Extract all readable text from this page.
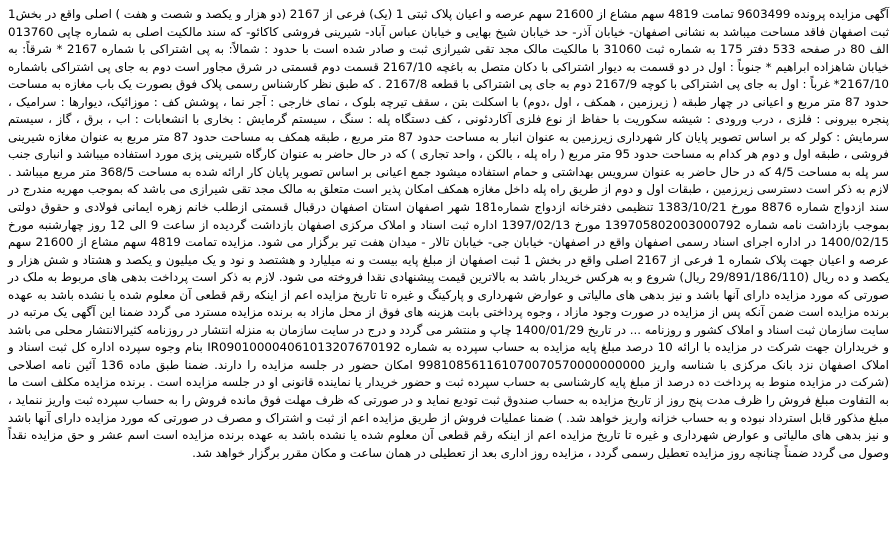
آگهی مزایده پرونده 9603499 تمامت 4819 سهم مشاع از 21600 سهم عرصه و اعیان پلاک ثبتی 1 (یک) فرعی از 2167 (دو هزار و یکصد و شصت و هفت ) اصلی واقع در بخش1 ثبت اصفهان فاقد مساحت میباشد به نشانی اصفهان- خیابان آذر- حد خیابان شیخ بهایی و خیابان عباس آباد- شیرینی فروشی کاکائو- که سند مالکیت اصلی به شماره چاپی 013760 الف 80 در صفحه 533 دفتر 175 به شماره ثبت 31060 با مالکیت مالک مجد تقی شیرازی ثبت و صادر شده است با حدود : شمالاً: به پی اشتراکی با شماره 2167 * شرقاً: به خیابان شاهزاده ابراهیم * جنوباً : اول در دو قسمت به دیوار اشتراکی با دکان متصل به باغچه 2167/10 قسمت دوم قسمتی در شرق مجاور است دوم به جای پی اشتراکی باشماره 2167/10* غرباً : اول به جای پی اشتراکی با کوچه 2167/9 دوم به جای پی اشتراکی با قطعه 2167/8 . که طبق نظر کارشناس رسمی پلاک فوق بصورت یک باب مغازه به مساحت حدود 87 متر مربع و اعیانی در چهار طبقه ( زیرزمین ، همکف ، اول ،دوم) با اسکلت بتن ، سقف تیرچه بلوک ، نمای خارجی : آجر نما ، پوشش کف : موزائیک، دیوارها : سرامیک ، پنجره بیرونی : فلزی ، درب ورودی : شیشه سکوریت با حفاظ از نوع فلزی آکاردئونی ، کف دستگاه پله : سنگ ، سیستم گرمایش : بخاری با انشعابات : اب ، برق ، گاز ، سیستم سرمایش : کولر که بر اساس تصویر پایان کار شهرداری زیرزمین به عنوان انبار به مساحت حدود 87 متر مربع ، طبقه همکف به مساحت حدود 87 متر مربع به عنوان مغازه شیرینی فروشی ، طبقه اول و دوم هر کدام به مساحت حدود 95 متر مربع ( راه پله ، بالکن ، واحد تجاری ) که در حال حاضر به عنوان کارگاه شیرینی پزی مورد استفاده میباشد و انباری جنب سر پله به مساحت 4/5 که در حال حاضر به عنوان سرویس بهداشتی و حمام استفاده میشود جمع اعیانی بر اساس تصویر پایان کار ارائه شده به مساحت 368/5 متر مربع میباشد . لازم به ذکر است دسترسی زیرزمین ، طبقات اول و دوم از طریق راه پله داخل مغازه همکف امکان پذیر است متعلق به مالک مجد تقی شیرازی می باشد که بموجب مهریه مندرج در سند ازدواج شماره 8876 مورخ 1383/10/21 تنظیمی دفترخانه ازدواج شماره181 شهر اصفهان استان اصفهان درقبال قسمتی ازطلب خانم زهره ایمانی فولادی و حقوق دولتی بموجب بازداشت نامه شماره 139705802003000792 مورخ 1397/02/13 اداره ثبت اسناد و املاک مرکزی اصفهان بازداشت گردیده از ساعت 9 الی 12 روز چهارشنبه مورخ 1400/02/15 در اداره اجرای اسناد رسمی اصفهان واقع در اصفهان- خیابان جی- خیابان تالار - میدان هفت تیر برگزار می شود. مزایده تمامت 4819 سهم مشاع از 21600 سهم عرصه و اعیان جهت پلاک شماره 1 فرعی از 2167 اصلی واقع در بخش 1 ثبت اصفهان از مبلغ پایه بیست و نه میلیارد و هشتصد و نود و یک میلیون و یکصد و هشتاد و شش هزار و یکصد و ده ریال (29/891/186/110 ریال) شروع و به هرکس خریدار باشد به بالاترین قیمت پیشنهادی نقدا فروخته می شود. لازم به ذکر است پرداخت بدهی های مربوط به ملک در صورتی که مورد مزایده دارای آنها باشد و نیز بدهی های مالیاتی و عوارض شهرداری و پارکینگ و غیره تا تاریخ مزایده اعم از اینکه رقم قطعی آن معلوم شده یا نشده باشد به عهده برنده مزایده است ضمن آنکه پس از مزایده در صورت وجود مازاد ، وجوه پرداختی بابت هزینه های فوق از محل مازاد به برنده مزایده مسترد می گردد ضمنا این آگهی یک مرتبه در سایت سازمان ثبت اسناد و املاک کشور و روزنامه ... در تاریخ 1400/01/29 چاپ و منتشر می گردد و درج در سایت سازمان به منزله انتشار در روزنامه کثیرالانتشار محلی می باشد و خریداران جهت شرکت در مزایده با ارائه 10 درصد مبلغ پایه مزایده به حساب سپرده به شماره IR090100004061013207670192 بنام وجوه سپرده اداره کل ثبت اسناد و املاک اصفهان نزد بانک مرکزی با شناسه واریز 998108561161070070570000000000 امکان حضور در جلسه مزایده را دارند. ضمنا طبق ماده 136 آئین نامه اصلاحی (شرکت در مزایده منوط به پرداخت ده درصد از مبلغ پایه کارشناسی به حساب سپرده ثبت و حضور خریدار یا نماینده قانونی او در جلسه مزایده است . برنده مزایده مکلف است ما به التفاوت مبلغ فروش را ظرف مدت پنج روز از تاریخ مزایده به حساب صندوق ثبت تودیع نماید و در صورتی که ظرف مهلت فوق مانده فروش را به حساب سپرده ثبت واریز ننماید ، مبلغ مذکور قابل استرداد نبوده و به حساب خزانه واریز خواهد شد. ) ضمنا عملیات فروش از طریق مزایده اعم از ثبت و اشتراک و مصرف در صورتی که مورد مزایده دارای آنها باشد و نیز بدهی های مالیاتی و عوارض شهرداری و غیره تا تاریخ مزایده اعم از اینکه رقم قطعی آن معلوم شده یا نشده باشد به عهده برنده مزایده است اسم عشر و حق مزایده نقداً وصول می گردد ضمناً چنانچه روز مزایده تعطیل رسمی گردد ، مزایده روز اداری بعد از تعطیلی در همان ساعت و مکان مقرر برگزار خواهد شد.
